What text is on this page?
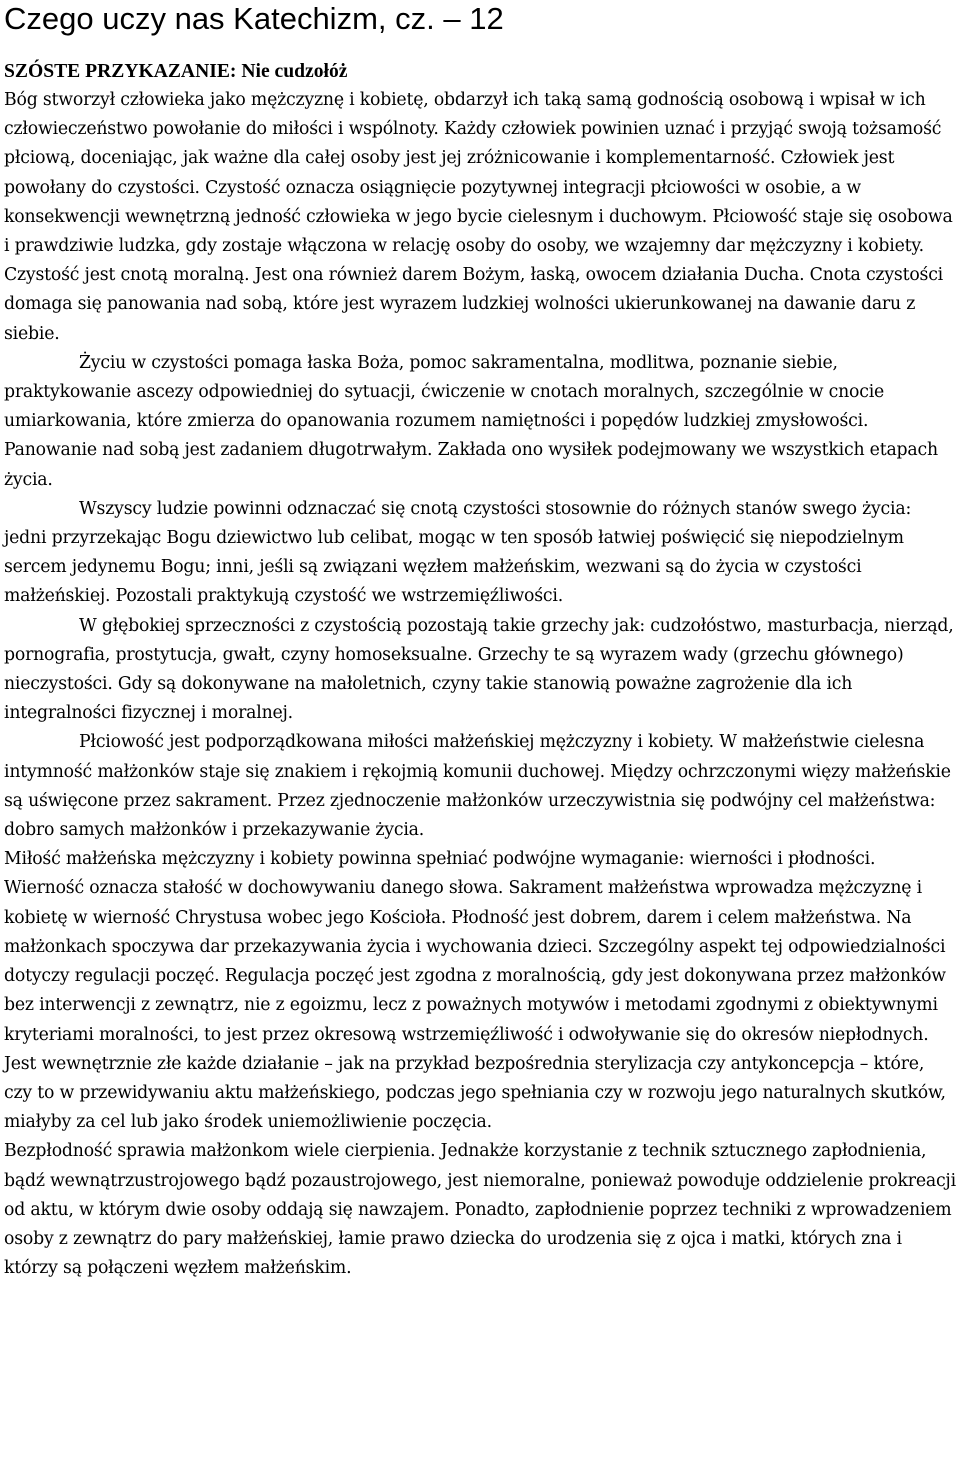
Czego uczy nas Katechizm, cz. – 12
SZÓSTE PRZYKAZANIE: Nie cudzołóż

Bóg stworzył człowieka jako mężczyznę i kobietę, obdarzył ich taką samą godnością osobową i wpisał w ich człowieczeństwo powołanie do miłości i wspólnoty. Każdy człowiek powinien uznać i przyjąć swoją tożsamość płciową, doceniając, jak ważne dla całej osoby jest jej zróżnicowanie i komplementarność. Człowiek jest powołany do czystości. Czystość oznacza osiągnięcie pozytywnej integracji płciowości w osobie, a w konsekwencji wewnętrzną jedność człowieka w jego bycie cielesnym i duchowym. Płciowość staje się osobowa i prawdziwie ludzka, gdy zostaje włączona w relację osoby do osoby, we wzajemny dar mężczyzny i kobiety. Czystość jest cnotą moralną. Jest ona również darem Bożym, łaską, owocem działania Ducha. Cnota czystości domaga się panowania nad sobą, które jest wyrazem ludzkiej wolności ukierunkowanej na dawanie daru z siebie.

Życiu w czystości pomaga łaska Boża, pomoc sakramentalna, modlitwa, poznanie siebie, praktykowanie ascezy odpowiedniej do sytuacji, ćwiczenie w cnotach moralnych, szczególnie w cnocie umiarkowania, które zmierza do opanowania rozumem namiętności i popędów ludzkiej zmysłowości. Panowanie nad sobą jest zadaniem długotrwałym. Zakłada ono wysiłek podejmowany we wszystkich etapach życia.

Wszyscy ludzie powinni odznaczać się cnotą czystości stosownie do różnych stanów swego życia: jedni przyrzekając Bogu dziewictwo lub celibat, mogąc w ten sposób łatwiej poświęcić się niepodzielnym sercem jedynemu Bogu; inni, jeśli są związani węzłem małżeńskim, wezwani są do życia w czystości małżeńskiej. Pozostali praktykują czystość we wstrzemięźliwości.

W głębokiej sprzeczności z czystością pozostają takie grzechy jak: cudzołóstwo, masturbacja, nierząd, pornografia, prostytucja, gwałt, czyny homoseksualne. Grzechy te są wyrazem wady (grzechu głównego) nieczystości. Gdy są dokonywane na małoletnich, czyny takie stanowią poważne zagrożenie dla ich integralności fizycznej i moralnej.

Płciowość jest podporządkowana miłości małżeńskiej mężczyzny i kobiety. W małżeństwie cielesna intymność małżonków staje się znakiem i rękojmią komunii duchowej. Między ochrzczonymi więzy małżeńskie są uświęcone przez sakrament. Przez zjednoczenie małżonków urzeczywistnia się podwójny cel małżeństwa: dobro samych małżonków i przekazywanie życia.

Miłość małżeńska mężczyzny i kobiety powinna spełniać podwójne wymaganie: wierności i płodności. Wierność oznacza stałość w dochowywaniu danego słowa. Sakrament małżeństwa wprowadza mężczyznę i kobietę w wierność Chrystusa wobec jego Kościoła. Płodność jest dobrem, darem i celem małżeństwa. Na małżonkach spoczywa dar przekazywania życia i wychowania dzieci. Szczególny aspekt tej odpowiedzialności dotyczy regulacji poczęć. Regulacja poczęć jest zgodna z moralnością, gdy jest dokonywana przez małżonków bez interwencji z zewnątrz, nie z egoizmu, lecz z poważnych motywów i metodami zgodnymi z obiektywnymi kryteriami moralności, to jest przez okresową wstrzemięźliwość i odwoływanie się do okresów niepłodnych. Jest wewnętrznie złe każde działanie – jak na przykład bezpośrednia sterylizacja czy antykoncepcja – które, czy to w przewidywaniu aktu małżeńskiego, podczas jego spełniania czy w rozwoju jego naturalnych skutków, miałyby za cel lub jako środek uniemożliwienie poczęcia.

Bezpłodność sprawia małżonkom wiele cierpienia. Jednakże korzystanie z technik sztucznego zapłodnienia, bądź wewnątrzustrojowego bądź pozaustrojowego, jest niemoralne, ponieważ powoduje oddzielenie prokreacji od aktu, w którym dwie osoby oddają się nawzajem. Ponadto, zapłodnienie poprzez techniki z wprowadzeniem osoby z zewnątrz do pary małżeńskiej, łamie prawo dziecka do urodzenia się z ojca i matki, których zna i którzy są połączeni węzłem małżeńskim.
